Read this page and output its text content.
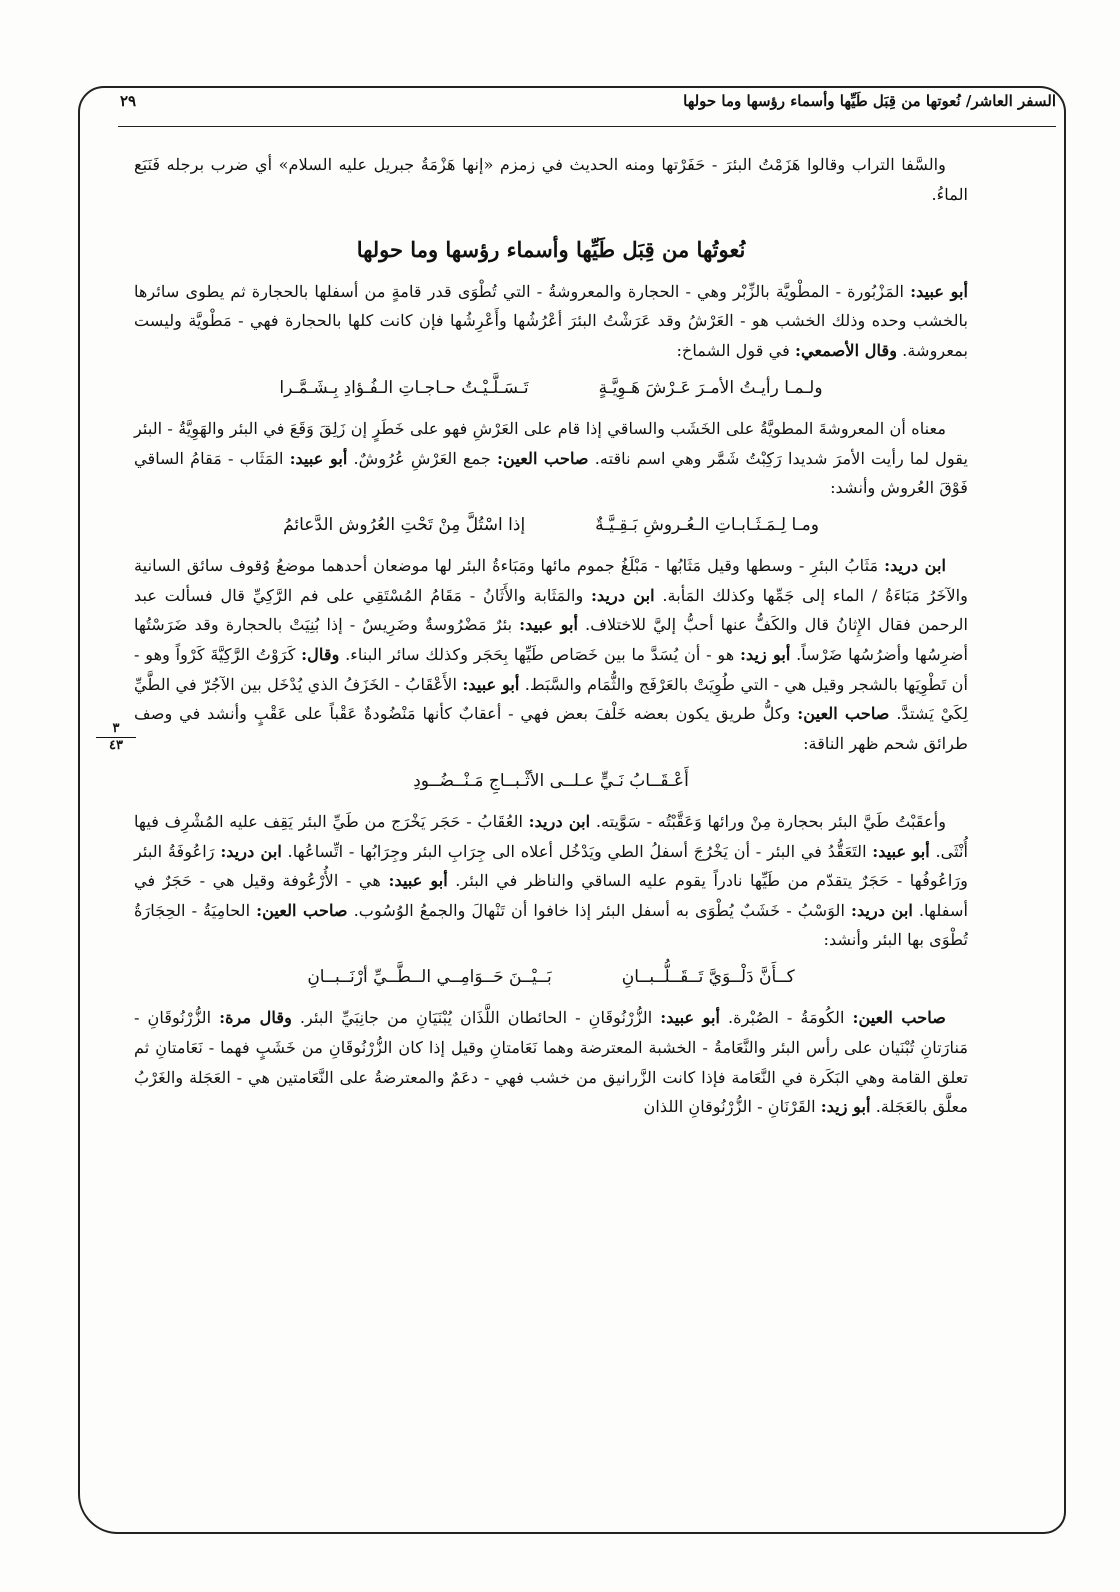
السفر العاشر/ نُعوتها من قِبَل طَيِّها وأسماء رؤسها وما حولها
٢٩
٣
٤٣

والسَّفا التراب وقالوا هَزَمْتُ البئرَ - حَفَرْتها ومنه الحديث في زمزم «إنها هَزْمَةُ جبريل عليه السلام» أي ضرب برجله فَنَبَع الماءُ.

نُعوتُها من قِبَل طَيِّها وأسماء رؤسها وما حولها

أبو عبيد: المَزْبُورة - المطْويَّة بالزِّبْر وهي - الحجارة والمعروشةُ - التي تُطْوَى قدر قامةٍ من أسفلها بالحجارة ثم يطوى سائرها بالخشب وحده وذلك الخشب هو - العَرْشُ وقد عَرَشْتُ البئرَ أعْرُشُها وأَعْرِشُها فإن كانت كلها بالحجارة فهي - مَطْويَّة وليست بمعروشة. وقال الأصمعي: في قول الشماخ:

ولـمـا رأيـتُ الأمـرَ عَـرْشَ هَـوِيَّـةٍ
تَـسَـلَّـيْـتُ حـاجـاتِ الـفُـؤادِ بِـشَـمَّـرا

معناه أن المعروشةَ المطويَّةُ على الخَشَب والساقي إذا قام على العَرْشِ فهو على خَطَرٍ إن زَلِقَ وَقَعَ في البئر والهَوِيَّةُ - البئر يقول لما رأيت الأمرَ شديدا رَكِبْتُ شَمَّر وهي اسم ناقته. صاحب العين: جمع العَرْشِ عُرُوشٌ. أبو عبيد: المَثَاب - مَقامُ الساقي فَوْقَ العُروش وأنشد:

ومـا لِـمَـثَـابـاتِ الـعُـروشِ بَـقِـيَّـةٌ
إذا اسْتُلَّ مِنْ تَحْتِ العُرُوش الدَّعائمُ

ابن دريد: مَثَابُ البئرِ - وسطها وقيل مَثَابُها - مَبْلَغُ جموم مائها ومَبَاءةُ البئر لها موضعان أحدهما موضعُ وُقوف سائق السانية والآخَرُ مَبَاءَةُ / الماء إلى جَمِّها وكذلك المَأبة. ابن دريد: والمَثَابة والأَثَانُ - مَقَامُ المُسْتَقِي على فم الرَّكِيِّ قال فسألت عبد الرحمن فقال الإِثانُ قال والكَفُّ عنها أحبُّ إليَّ للاختلاف. أبو عبيد: بئرٌ مَضْرُوسةٌ وضَرِيسٌ - إذا بُنِيَتْ بالحجارة وقد ضَرَسْتُها أضرِسُها وأضرُسُها ضَرْساً. أبو زيد: هو - أن يُسَدَّ ما بين خَصَاص طَيِّها بِحَجَر وكذلك سائر البناء. وقال: كَرَوْتُ الرَّكِيَّةَ كَرْواً وهو - أن تَطْوِيَها بالشجر وقيل هي - التي طُوِيَتْ بالعَرْفَج والثُّمَام والسَّبَط. أبو عبيد: الأَعْقَابُ - الخَزَفُ الذي يُدْخَل بين الآجُرّ في الطَّيِّ لِكَيْ يَشتدَّ. صاحب العين: وكلُّ طريق يكون بعضه خَلْفَ بعض فهي - أعقابٌ كأنها مَنْضُودةٌ عَقْباً على عَقْبٍ وأنشد في وصف طرائق شحم ظهر الناقة:

أَعْـقَــابُ نَـيٍّ عـلــى الأثْـبــاجِ مَـنْــضُــودِ

وأعقَبْتُ طَيَّ البئر بحجارة مِنْ ورائها وَعَقَّبْتُه - سَوَّيته. ابن دريد: العُقَابُ - حَجَر يَخْرَج من طَيِّ البئر يَقِف عليه المُشْرِف فيها أُنْثَى. أبو عبيد: التَعَقُّدُ في البئر - أن يَخْرُجَ أسفلُ الطي ويَدْخُل أعلاه الى جِرَابِ البئر وجِرَابُها - اتِّساعُها. ابن دريد: رَاعُوفَةُ البئر ورَاعُوفُها - حَجَرٌ يتقدّم من طَيِّها نادراً يقوم عليه الساقي والناظر في البئر. أبو عبيد: هي - الأُرْعُوفة وقيل هي - حَجَرٌ في أسفلها. ابن دريد: الوَسْبُ - خَشَبٌ يُطْوَى به أسفل البئر إذا خافوا أن تَنْهالَ والجمعُ الوُسُوب. صاحب العين: الحامِيَةُ - الحِجَارَةُ تُطْوَى بها البئر وأنشد:

كــأَنَّ دَلْــوَيَّ تَــقَــلُّــبــانِ
بَــيْــنَ حَــوَامِــي الــطَّــيِّ أرْنَــبــانِ

صاحب العين: الكُومَةُ - الصُبْرة. أبو عبيد: الزُّرْنُوقَانِ - الحائطان اللَّذَان يُبْنَيَانِ من جانِبَيِّ البئر. وقال مرة: الزُّرْنُوقَانِ - مَنارَتانِ تُبْنَيان على رأس البئر والنَّعَامةُ - الخشبة المعترضة وهما نَعَامتانِ وقيل إذا كان الزُّرْنُوقَانِ من خَشَبٍ فهما - نَعَامتانِ ثم تعلق القامة وهي البَكَرة في النَّعَامة فإذا كانت الزَّرانيق من خشب فهي - دعَمٌ والمعترضةُ على النَّعَامتين هي - العَجَلة والغَرْبُ معلَّق بالعَجَلة. أبو زيد: القَرْنَانِ - الزُّرْنُوقانِ اللذان
